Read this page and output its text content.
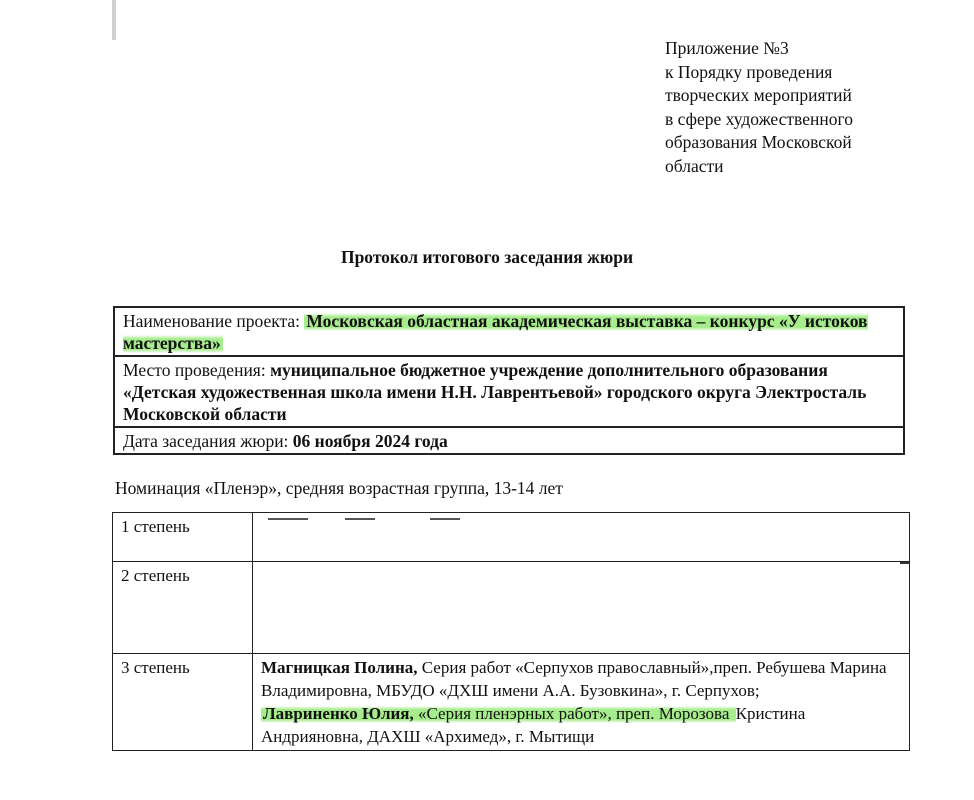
Приложение №3
к Порядку проведения
творческих мероприятий
в сфере художественного
образования Московской
области
Протокол итогового заседания жюри
Наименование проекта: Московская областная академическая выставка – конкурс «У истоков мастерства»
Место проведения: муниципальное бюджетное учреждение дополнительного образования «Детская художественная школа имени Н.Н. Лаврентьевой» городского округа Электросталь Московской области
Дата заседания жюри: 06 ноября 2024 года
Номинация «Пленэр», средняя возрастная группа, 13-14 лет
1 степень	
2 степень	
3 степень	Магницкая Полина, Серия работ «Серпухов православный»,преп. Ребушева Марина Владимировна, МБУДО «ДХШ имени А.А. Бузовкина», г. Серпухов;
Лавриненко Юлия, «Серия пленэрных работ», преп. Морозова Кристина Андрияновна, ДАХШ «Архимед», г. Мытищи
